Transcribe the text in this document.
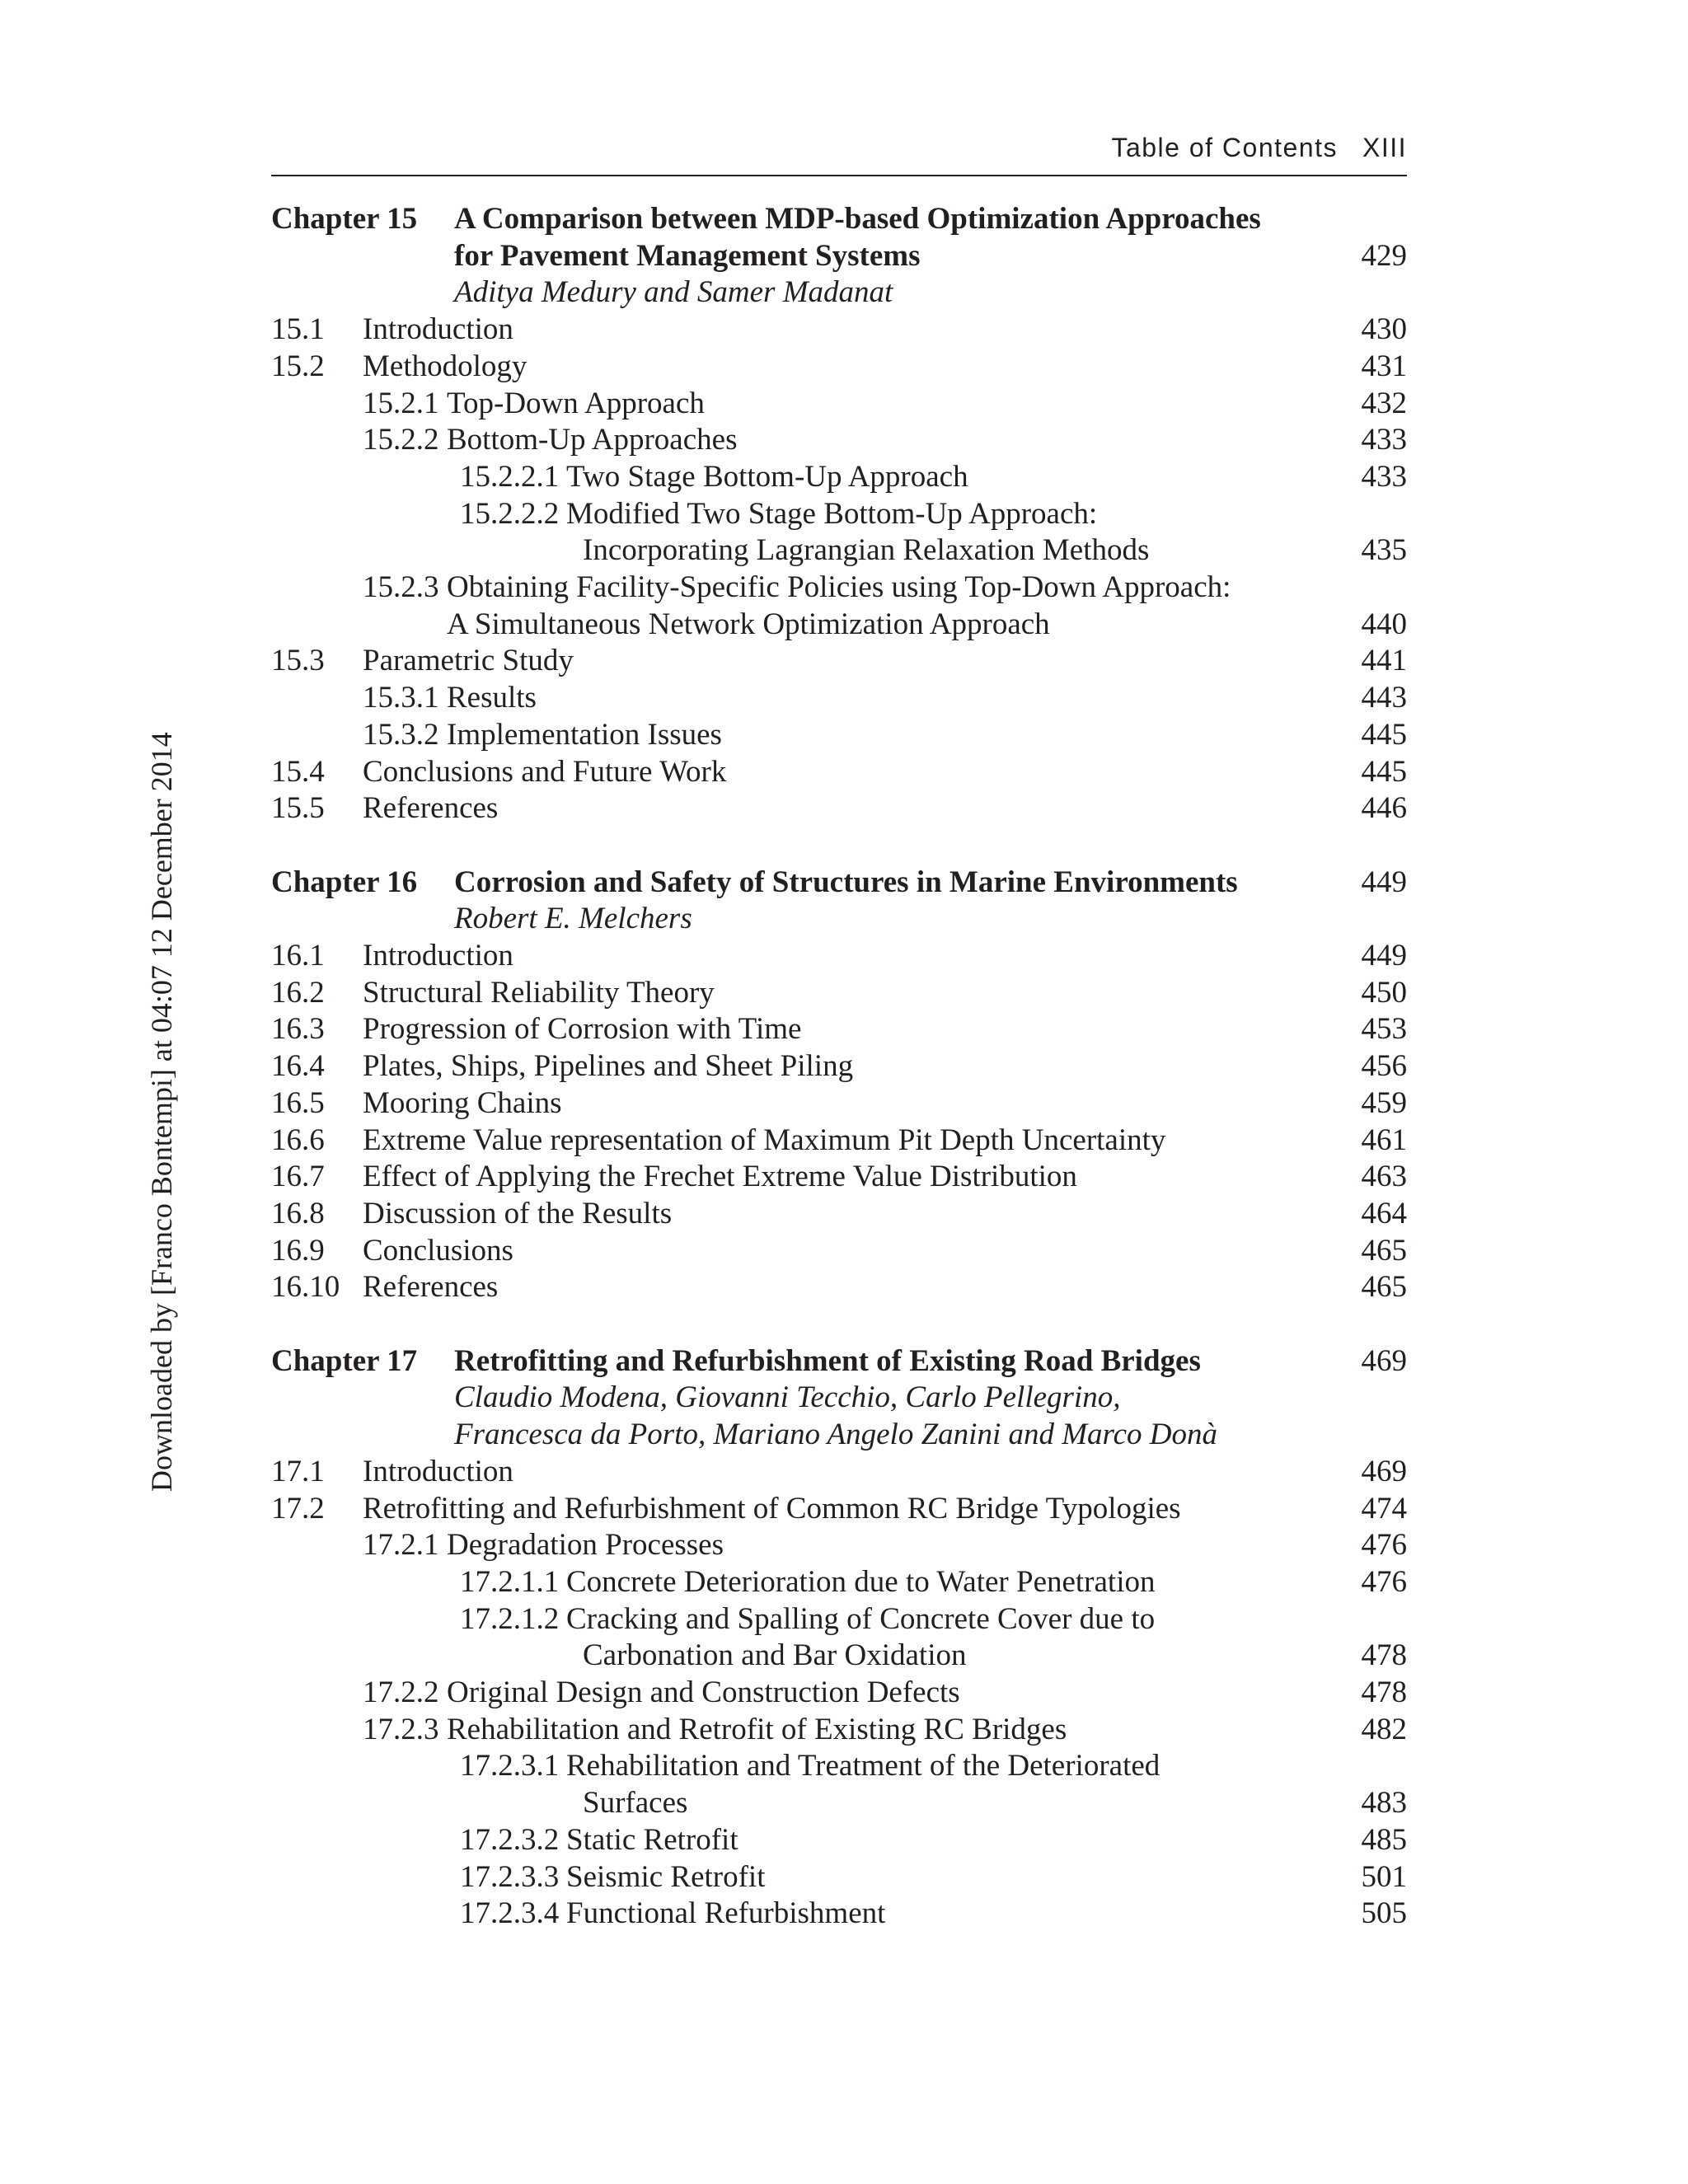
Table of Contents XIII
Downloaded by [Franco Bontempi] at 04:07 12 December 2014
Chapter 15 A Comparison between MDP-based Optimization Approaches
for Pavement Management Systems	429
Aditya Medury and Samer Madanat
15.1 Introduction	430
15.2 Methodology	431
15.2.1 Top-Down Approach	432
15.2.2 Bottom-Up Approaches	433
15.2.2.1 Two Stage Bottom-Up Approach	433
15.2.2.2 Modified Two Stage Bottom-Up Approach:
Incorporating Lagrangian Relaxation Methods	435
15.2.3 Obtaining Facility-Specific Policies using Top-Down Approach:
A Simultaneous Network Optimization Approach	440
15.3 Parametric Study	441
15.3.1 Results	443
15.3.2 Implementation Issues	445
15.4 Conclusions and Future Work	445
15.5 References	446
Chapter 16 Corrosion and Safety of Structures in Marine Environments	449
Robert E. Melchers
16.1 Introduction	449
16.2 Structural Reliability Theory	450
16.3 Progression of Corrosion with Time	453
16.4 Plates, Ships, Pipelines and Sheet Piling	456
16.5 Mooring Chains	459
16.6 Extreme Value representation of Maximum Pit Depth Uncertainty	461
16.7 Effect of Applying the Frechet Extreme Value Distribution	463
16.8 Discussion of the Results	464
16.9 Conclusions	465
16.10 References	465
Chapter 17 Retrofitting and Refurbishment of Existing Road Bridges	469
Claudio Modena, Giovanni Tecchio, Carlo Pellegrino,
Francesca da Porto, Mariano Angelo Zanini and Marco Donà
17.1 Introduction	469
17.2 Retrofitting and Refurbishment of Common RC Bridge Typologies	474
17.2.1 Degradation Processes	476
17.2.1.1 Concrete Deterioration due to Water Penetration	476
17.2.1.2 Cracking and Spalling of Concrete Cover due to
Carbonation and Bar Oxidation	478
17.2.2 Original Design and Construction Defects	478
17.2.3 Rehabilitation and Retrofit of Existing RC Bridges	482
17.2.3.1 Rehabilitation and Treatment of the Deteriorated
Surfaces	483
17.2.3.2 Static Retrofit	485
17.2.3.3 Seismic Retrofit	501
17.2.3.4 Functional Refurbishment	505
